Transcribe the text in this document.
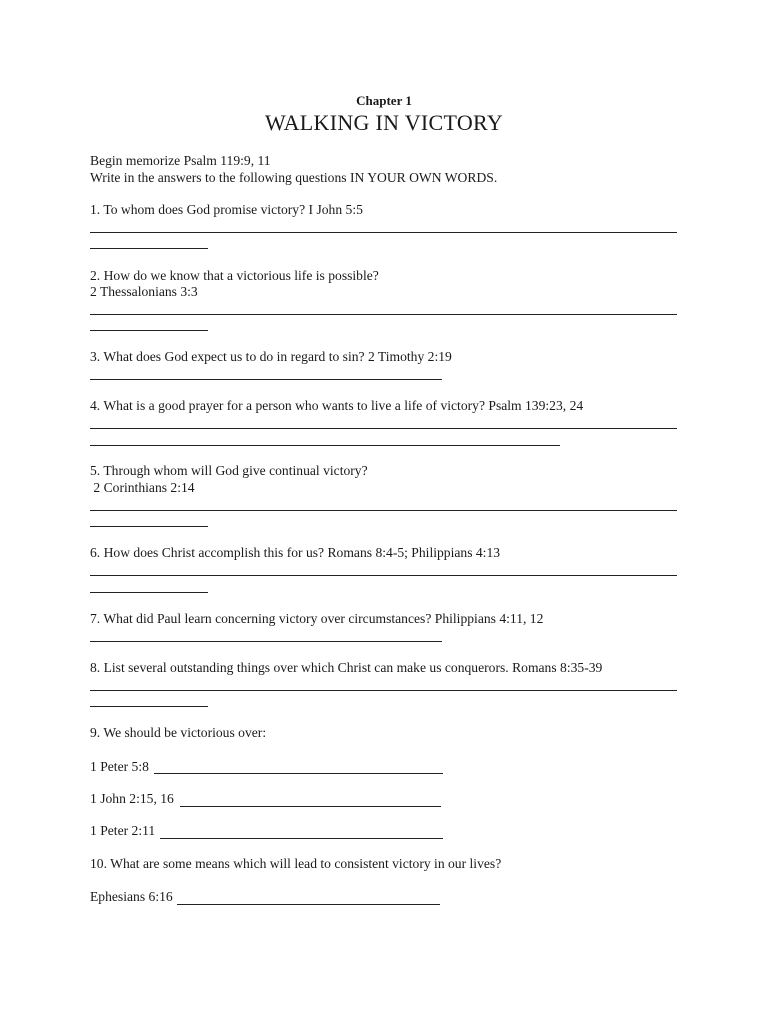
Chapter 1
WALKING IN VICTORY
Begin memorize Psalm 119:9, 11
Write in the answers to the following questions IN YOUR OWN WORDS.
1. To whom does God promise victory? I John 5:5
2. How do we know that a victorious life is possible?
2 Thessalonians 3:3
3. What does God expect us to do in regard to sin? 2 Timothy 2:19
4. What is a good prayer for a person who wants to live a life of victory? Psalm 139:23, 24
5. Through whom will God give continual victory?
2 Corinthians 2:14
6. How does Christ accomplish this for us? Romans 8:4-5; Philippians 4:13
7. What did Paul learn concerning victory over circumstances? Philippians 4:11, 12
8. List several outstanding things over which Christ can make us conquerors. Romans 8:35-39
9. We should be victorious over:
1 Peter 5:8
1 John 2:15, 16
1 Peter 2:11
10. What are some means which will lead to consistent victory in our lives?
Ephesians 6:16
